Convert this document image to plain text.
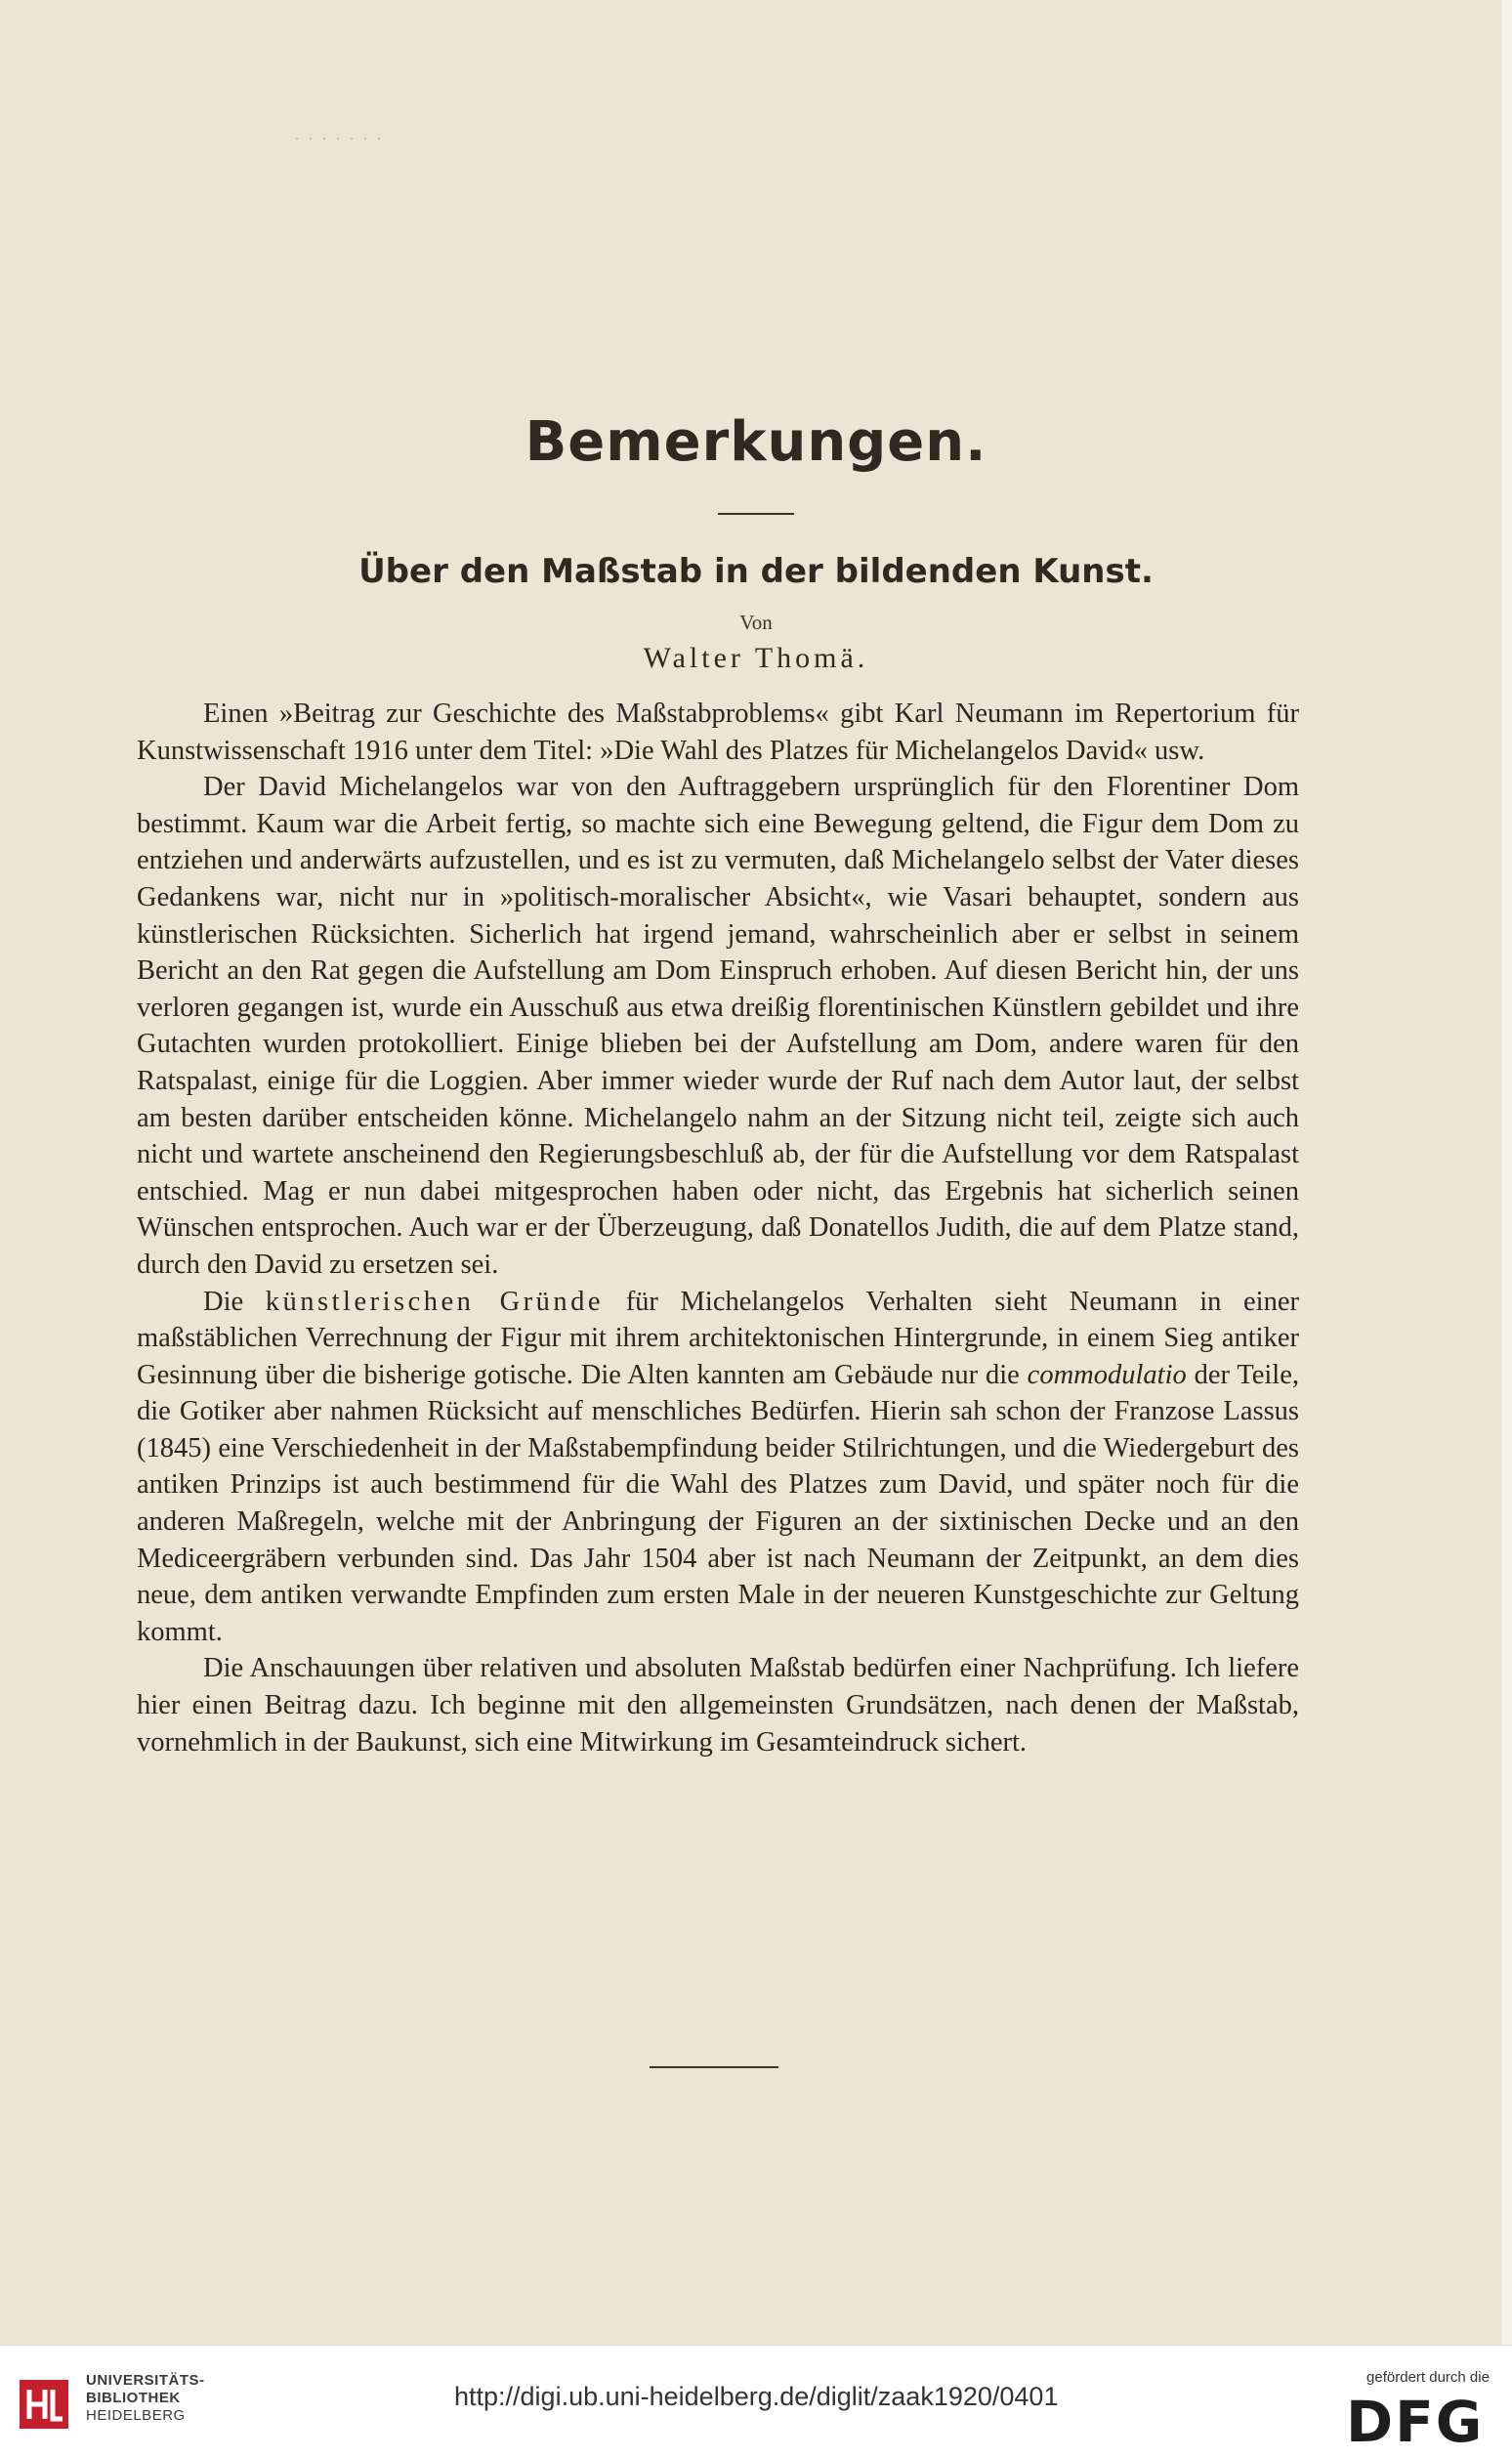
·······
Bemerkungen.
Über den Maßstab in der bildenden Kunst.
Von
Walter Thomä.

Einen »Beitrag zur Geschichte des Maßstabproblems« gibt Karl Neumann im Repertorium für Kunstwissenschaft 1916 unter dem Titel: »Die Wahl des Platzes für Michelangelos David« usw.

Der David Michelangelos war von den Auftraggebern ursprünglich für den Florentiner Dom bestimmt. Kaum war die Arbeit fertig, so machte sich eine Bewegung geltend, die Figur dem Dom zu entziehen und anderwärts aufzustellen, und es ist zu vermuten, daß Michelangelo selbst der Vater dieses Gedankens war, nicht nur in »politisch-moralischer Absicht«, wie Vasari behauptet, sondern aus künstlerischen Rücksichten. Sicherlich hat irgend jemand, wahrscheinlich aber er selbst in seinem Bericht an den Rat gegen die Aufstellung am Dom Einspruch erhoben. Auf diesen Bericht hin, der uns verloren gegangen ist, wurde ein Ausschuß aus etwa dreißig florentinischen Künstlern gebildet und ihre Gutachten wurden protokolliert. Einige blieben bei der Aufstellung am Dom, andere waren für den Ratspalast, einige für die Loggien. Aber immer wieder wurde der Ruf nach dem Autor laut, der selbst am besten darüber entscheiden könne. Michelangelo nahm an der Sitzung nicht teil, zeigte sich auch nicht und wartete anscheinend den Regierungsbeschluß ab, der für die Aufstellung vor dem Ratspalast entschied. Mag er nun dabei mitgesprochen haben oder nicht, das Ergebnis hat sicherlich seinen Wünschen entsprochen. Auch war er der Überzeugung, daß Donatellos Judith, die auf dem Platze stand, durch den David zu ersetzen sei.

Die künstlerischen Gründe für Michelangelos Verhalten sieht Neumann in einer maßstäblichen Verrechnung der Figur mit ihrem architektonischen Hintergrunde, in einem Sieg antiker Gesinnung über die bisherige gotische. Die Alten kannten am Gebäude nur die commodulatio der Teile, die Gotiker aber nahmen Rücksicht auf menschliches Bedürfen. Hierin sah schon der Franzose Lassus (1845) eine Verschiedenheit in der Maßstabempfindung beider Stilrichtungen, und die Wiedergeburt des antiken Prinzips ist auch bestimmend für die Wahl des Platzes zum David, und später noch für die anderen Maßregeln, welche mit der Anbringung der Figuren an der sixtinischen Decke und an den Mediceergräbern verbunden sind. Das Jahr 1504 aber ist nach Neumann der Zeitpunkt, an dem dies neue, dem antiken verwandte Empfinden zum ersten Male in der neueren Kunstgeschichte zur Geltung kommt.

Die Anschauungen über relativen und absoluten Maßstab bedürfen einer Nachprüfung. Ich liefere hier einen Beitrag dazu. Ich beginne mit den allgemeinsten Grundsätzen, nach denen der Maßstab, vornehmlich in der Baukunst, sich eine Mitwirkung im Gesamteindruck sichert.

UNIVERSITÄTS-
BIBLIOTHEK
HEIDELBERG
http://digi.ub.uni-heidelberg.de/diglit/zaak1920/0401
gefördert durch die
DFG
